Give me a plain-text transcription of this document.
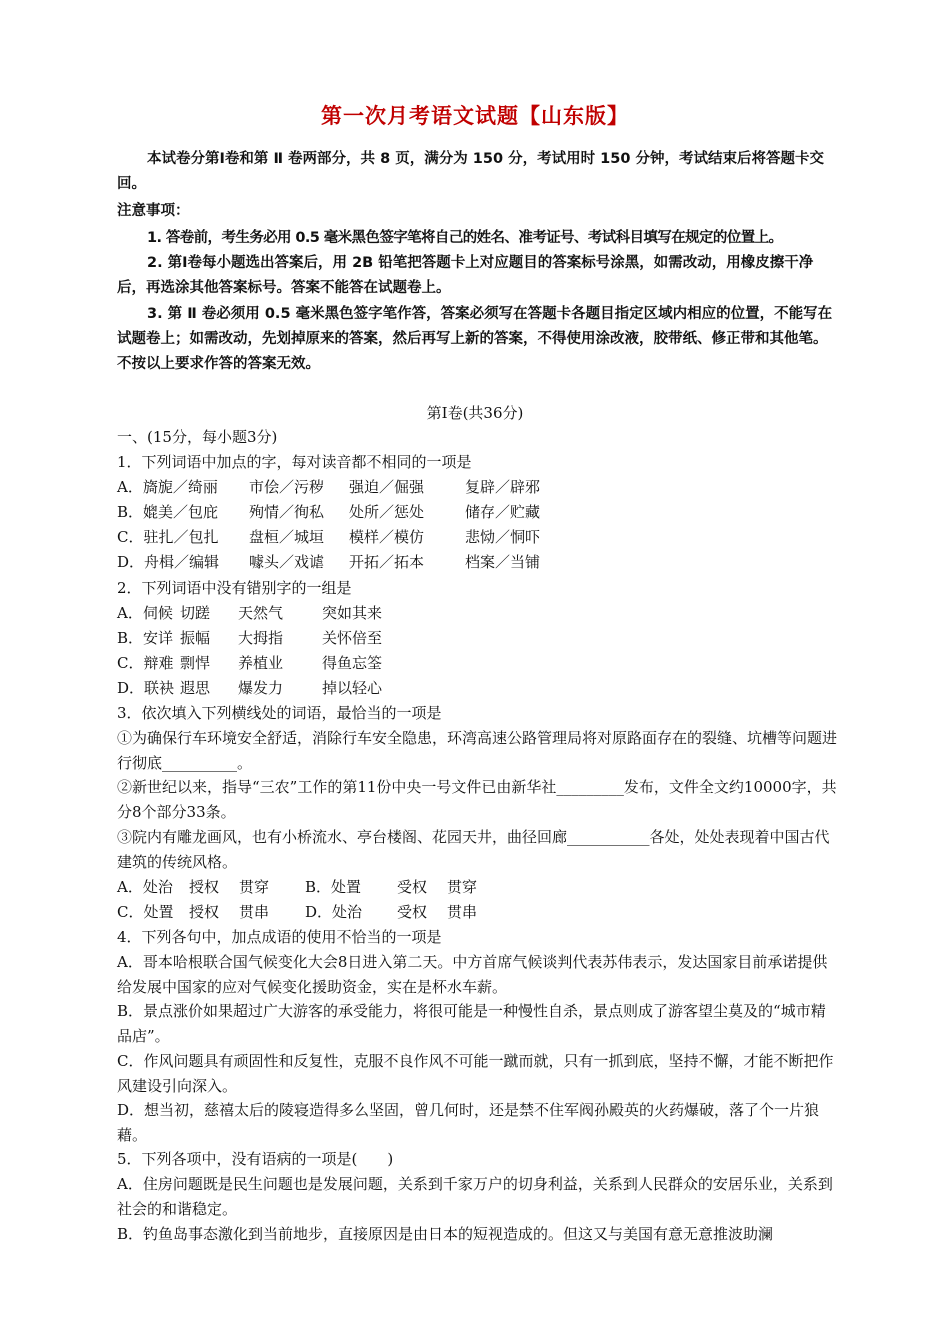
第一次月考语文试题【山东版】
本试卷分第Ⅰ卷和第 Ⅱ 卷两部分，共 8 页，满分为 150 分，考试用时 150 分钟，考试结束后将答题卡交回。
注意事项：
1. 答卷前，考生务必用 0.5 毫米黑色签字笔将自己的姓名、准考证号、考试科目填写在规定的位置上。
2. 第Ⅰ卷每小题选出答案后，用 2B 铅笔把答题卡上对应题目的答案标号涂黑，如需改动，用橡皮擦干净后，再选涂其他答案标号。答案不能答在试题卷上。
3. 第 Ⅱ 卷必须用 0.5 毫米黑色签字笔作答，答案必须写在答题卡各题目指定区域内相应的位置，不能写在试题卷上；如需改动，先划掉原来的答案，然后再写上新的答案，不得使用涂改液，胶带纸、修正带和其他笔。不按以上要求作答的答案无效。
第Ⅰ卷(共36分)
一、(15分，每小题3分)
1．下列词语中加点的字，每对读音都不相同的一项是
A．旖旎／绮丽 市侩／污秽 强迫／倔强	复辟／辟邪
B．媲美／包庇 殉情／徇私 处所／惩处	储存／贮藏
C．驻扎／包扎 盘桓／城垣 模样／模仿	悲恸／恫吓
D．舟楫／编辑 噱头／戏谑 开拓／拓本	档案／当铺
2．下列词语中没有错别字的一组是
A．伺候 切蹉 天然气	突如其来
B．安详 振幅 大拇指	关怀倍至
C．辩难 剽悍 养植业	得鱼忘筌
D．联袂 遐思 爆发力	掉以轻心
3．依次填入下列横线处的词语，最恰当的一项是
①为确保行车环境安全舒适，消除行车安全隐患，环湾高速公路管理局将对原路面存在的裂缝、坑槽等问题进行彻底__________。
②新世纪以来，指导“三农”工作的第11份中央一号文件已由新华社_________发布，文件全文约10000字，共分8个部分33条。
③院内有雕龙画风，也有小桥流水、亭台楼阁、花园天井，曲径回廊___________各处，处处表现着中国古代建筑的传统风格。
A．处治 授权 贯穿 B．处置 受权 贯穿
C．处置 授权 贯串 D．处治 受权 贯串
4．下列各句中，加点成语的使用不恰当的一项是
A．哥本哈根联合国气候变化大会8日进入第二天。中方首席气候谈判代表苏伟表示，发达国家目前承诺提供给发展中国家的应对气候变化援助资金，实在是杯水车薪。
B．景点涨价如果超过广大游客的承受能力，将很可能是一种慢性自杀，景点则成了游客望尘莫及的“城市精品店”。
C．作风问题具有顽固性和反复性，克服不良作风不可能一蹴而就，只有一抓到底，坚持不懈，才能不断把作风建设引向深入。
D．想当初，慈禧太后的陵寝造得多么坚固，曾几何时，还是禁不住军阀孙殿英的火药爆破，落了个一片狼藉。
5．下列各项中，没有语病的一项是(　　)
A．住房问题既是民生问题也是发展问题，关系到千家万户的切身利益，关系到人民群众的安居乐业，关系到社会的和谐稳定。
B．钓鱼岛事态激化到当前地步，直接原因是由日本的短视造成的。但这又与美国有意无意推波助澜
